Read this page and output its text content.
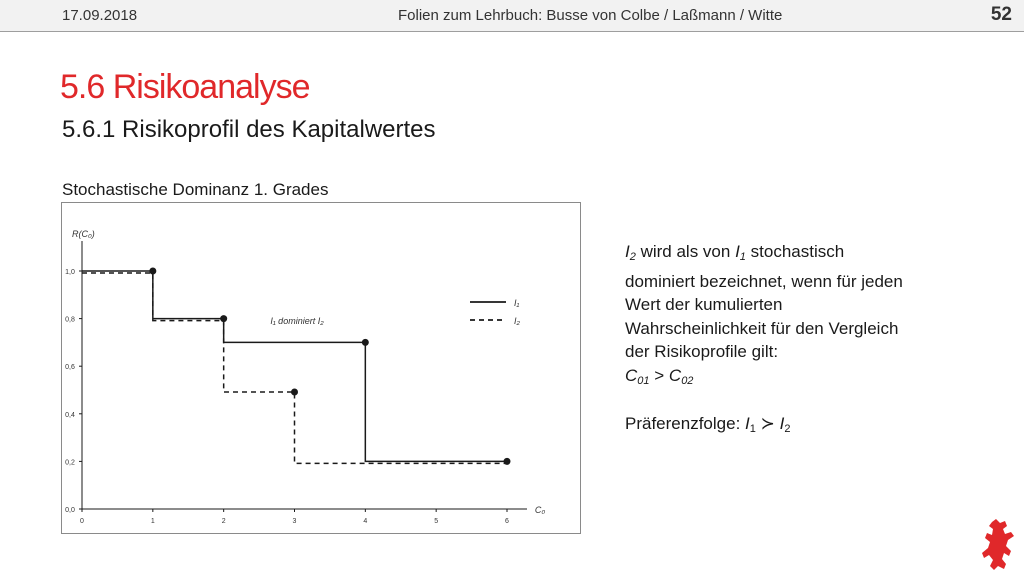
17.09.2018	Folien zum Lehrbuch: Busse von Colbe / Laßmann / Witte	52
5.6 Risikoanalyse
5.6.1 Risikoprofil des Kapitalwertes
Stochastische Dominanz 1. Grades
0,0
0,2
0,4
0,6
0,8
1,0
0	1	2	3	4	5	6
R(C₀)
C₀
I₁ dominiert I₂
I₁
I₂
$I_2$ wird als von $I_1$ stochastisch
dominiert bezeichnet, wenn für jeden
Wert der kumulierten
Wahrscheinlichkeit für den Vergleich
der Risikoprofile gilt:
$C_{01} > C_{02}$
Präferenzfolge: $I_1$ ≻ $I_2$
